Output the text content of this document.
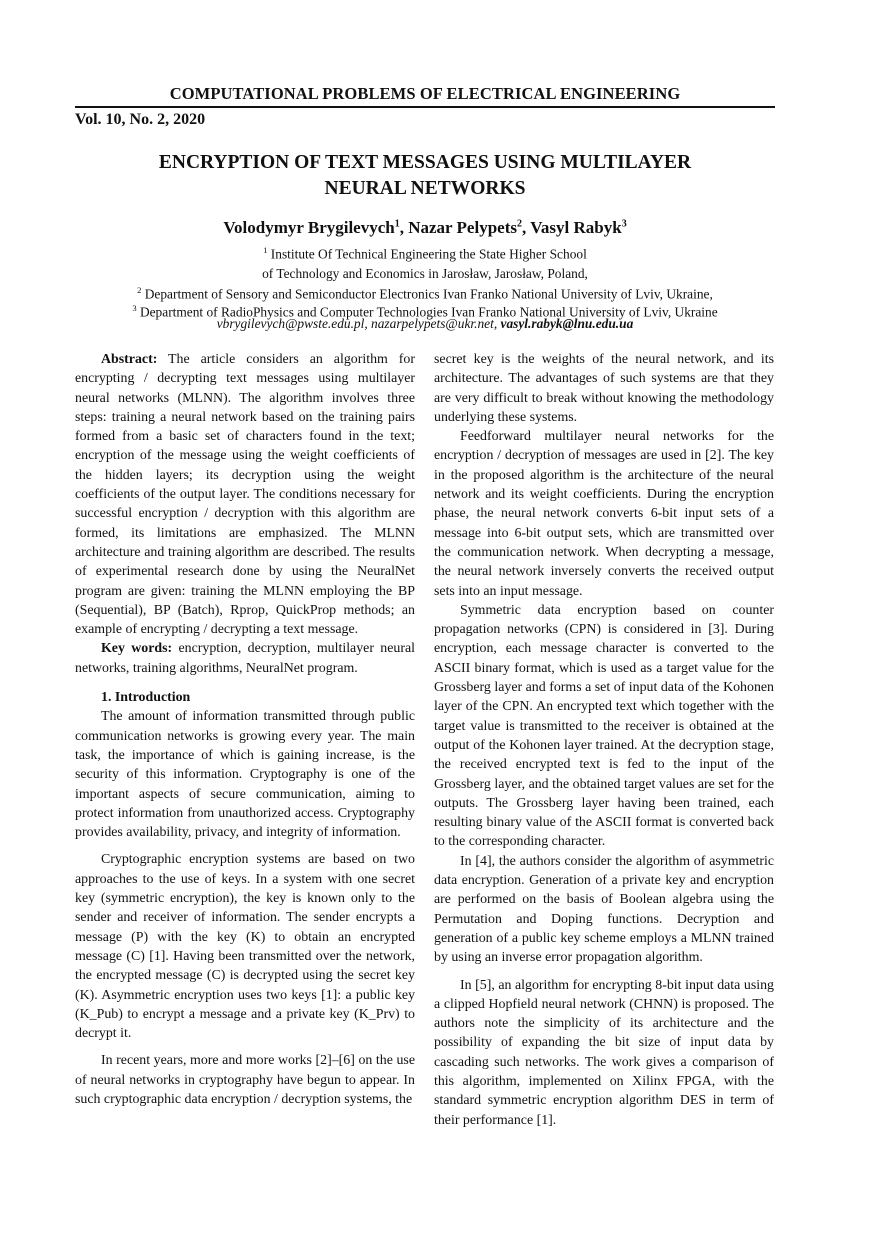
COMPUTATIONAL PROBLEMS OF ELECTRICAL ENGINEERING
Vol. 10, No. 2, 2020
ENCRYPTION OF TEXT MESSAGES USING MULTILAYER
NEURAL NETWORKS
Volodymyr Brygilevych$^1$, Nazar Pelypets$^2$, Vasyl Rabyk$^3$
$^1$ Institute Of Technical Engineering the State Higher School
of Technology and Economics in Jarosław, Jarosław, Poland,
$^2$ Department of Sensory and Semiconductor Electronics Ivan Franko National University of Lviv, Ukraine,
$^3$ Department of RadioPhysics and Computer Technologies Ivan Franko National University of Lviv, Ukraine
vbrygilevych@pwste.edu.pl, nazarpelypets@ukr.net, vasyl.rabyk@lnu.edu.ua

Abstract: The article considers an algorithm for encrypting / decrypting text messages using multilayer neural networks (MLNN). The algorithm involves three steps: training a neural network based on the training pairs formed from a basic set of characters found in the text; encryption of the message using the weight coefficients of the hidden layers; its decryption using the weight coefficients of the output layer. The conditions necessary for successful encryption / decryption with this algorithm are formed, its limitations are emphasized. The MLNN architecture and training algorithm are described. The results of experimental research done by using the NeuralNet program are given: training the MLNN employing the BP (Sequential), BP (Batch), Rprop, QuickProp methods; an example of encrypting / decrypting a text message.

Key words: encryption, decryption, multilayer neural networks, training algorithms, NeuralNet program.

1. Introduction

The amount of information transmitted through public communication networks is growing every year. The main task, the importance of which is gaining increase, is the security of this information. Cryptography is one of the important aspects of secure communication, aiming to protect information from unauthorized access. Cryptography provides availability, privacy, and integrity of information.

Cryptographic encryption systems are based on two approaches to the use of keys. In a system with one secret key (symmetric encryption), the key is known only to the sender and receiver of information. The sender encrypts a message (P) with the key (K) to obtain an encrypted message (C) [1]. Having been transmitted over the network, the encrypted message (C) is decrypted using the secret key (K). Asymmetric encryption uses two keys [1]: a public key (K_Pub) to encrypt a message and a private key (K_Prv) to decrypt it.

In recent years, more and more works [2]–[6] on the use of neural networks in cryptography have begun to appear. In such cryptographic data encryption / decryption systems, the

secret key is the weights of the neural network, and its architecture. The advantages of such systems are that they are very difficult to break without knowing the methodology underlying these systems.

Feedforward multilayer neural networks for the encryption / decryption of messages are used in [2]. The key in the proposed algorithm is the architecture of the neural network and its weight coefficients. During the encryption phase, the neural network converts 6-bit input sets of a message into 6-bit output sets, which are transmitted over the communication network. When decrypting a message, the neural network inversely converts the received output sets into an input message.

Symmetric data encryption based on counter propagation networks (CPN) is considered in [3]. During encryption, each message character is converted to the ASCII binary format, which is used as a target value for the Grossberg layer and forms a set of input data of the Kohonen layer of the CPN. An encrypted text which together with the target value is transmitted to the receiver is obtained at the output of the Kohonen layer trained. At the decryption stage, the received encrypted text is fed to the input of the Grossberg layer, and the obtained target values are set for the outputs. The Grossberg layer having been trained, each resulting binary value of the ASCII format is converted back to the corresponding character.

In [4], the authors consider the algorithm of asymmetric data encryption. Generation of a private key and encryption are performed on the basis of Boolean algebra using the Permutation and Doping functions. Decryption and generation of a public key scheme employs a MLNN trained by using an inverse error propagation algorithm.

In [5], an algorithm for encrypting 8-bit input data using a clipped Hopfield neural network (CHNN) is proposed. The authors note the simplicity of its architecture and the possibility of expanding the bit size of input data by cascading such networks. The work gives a comparison of this algorithm, implemented on Xilinx FPGA, with the standard symmetric encryption algorithm DES in term of their performance [1].
